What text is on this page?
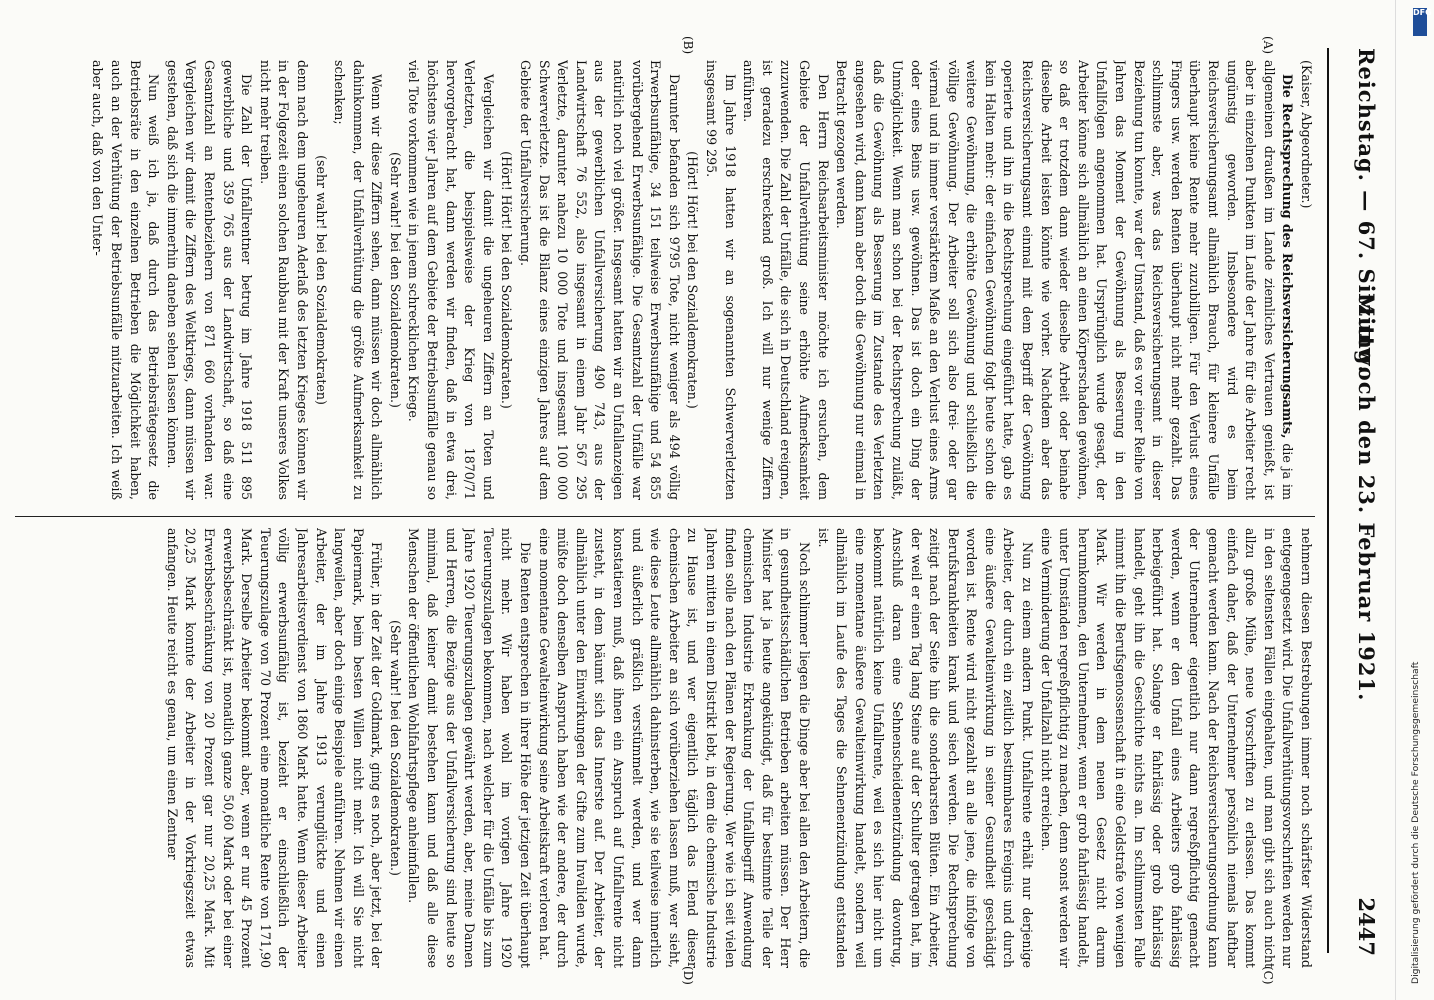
Reichstag. — 67. Sitzung.
Mittwoch den 23. Februar 1921.
2447
(A)
(B)
(C)
(D)

(Kaiser, Abgeordneter.)

Die Rechtsprechung des Reichsversicherungsamts, die ja im allgemeinen draußen im Lande ziemliches Vertrauen genießt, ist aber in einzelnen Punkten im Laufe der Jahre für die Arbeiter recht ungünstig geworden. Insbesondere wird es beim Reichsversicherungsamt allmählich Brauch, für kleinere Unfälle überhaupt keine Rente mehr zuzubilligen. Für den Verlust eines Fingers usw. werden Renten überhaupt nicht mehr gezahlt. Das schlimmste aber, was das Reichsversicherungsamt in dieser Beziehung tun konnte, war der Umstand, daß es vor einer Reihe von Jahren das Moment der Gewöhnung als Besserung in den Unfallfolgen angenommen hat. Ursprünglich wurde gesagt, der Arbeiter könne sich allmählich an einen Körperschaden gewöhnen, so daß er trotzdem dann wieder dieselbe Arbeit oder beinahe dieselbe Arbeit leisten könnte wie vorher. Nachdem aber das Reichsversicherungsamt einmal mit dem Begriff der Gewöhnung operierte und ihn in die Rechtsprechung eingeführt hatte, gab es kein Halten mehr: der einfachen Gewöhnung folgt heute schon die weitere Gewöhnung, die erhöhte Gewöhnung und schließlich die völlige Gewöhnung. Der Arbeiter soll sich also drei- oder gar viermal und in immer verstärktem Maße an den Verlust eines Arms oder eines Beins usw. gewöhnen. Das ist doch ein Ding der Unmöglichkeit. Wenn man schon bei der Rechtsprechung zuläßt, daß die Gewöhnung als Besserung im Zustande des Verletzten angesehen wird, dann kann aber doch die Gewöhnung nur einmal in Betracht gezogen werden.

Den Herrn Reichsarbeitsminister möchte ich ersuchen, dem Gebiete der Unfallverhütung seine erhöhte Aufmerksamkeit zuzuwenden. Die Zahl der Unfälle, die sich in Deutschland ereignen, ist geradezu erschreckend groß. Ich will nur wenige Ziffern anführen.

Im Jahre 1918 hatten wir an sogenannten Schwerverletzten insgesamt 99 295.

(Hört! Hört! bei den Sozialdemokraten.)

Darunter befanden sich 9795 Tote, nicht weniger als 494 völlig Erwerbsunfähige, 34 151 teilweise Erwerbsunfähige und 54 855 vorübergehend Erwerbsunfähige. Die Gesamtzahl der Unfälle war natürlich noch viel größer. Insgesamt hatten wir an Unfallanzeigen aus der gewerblichen Unfallversicherung 490 743, aus der Landwirtschaft 76 552, also insgesamt in einem Jahr 567 295 Verletzte, darunter nahezu 10 000 Tote und insgesamt 100 000 Schwerverletzte. Das ist die Bilanz eines einzigen Jahres auf dem Gebiete der Unfallversicherung.

(Hört! Hört! bei den Sozialdemokraten.)

Vergleichen wir damit die ungeheuren Ziffern an Toten und Verletzten, die beispielsweise der Krieg von 1870/71 hervorgebracht hat, dann werden wir finden, daß in etwa drei, höchstens vier Jahren auf dem Gebiete der Betriebsunfälle genau so viel Tote vorkommen wie in jenem schrecklichen Kriege.

(Sehr wahr! bei den Sozialdemokraten.)

Wenn wir diese Ziffern sehen, dann müssen wir doch allmählich dahinkommen, der Unfallverhütung die größte Aufmerksamkeit zu schenken;

(sehr wahr! bei den Sozialdemokraten)

denn nach dem ungeheuren Aderlaß des letzten Krieges können wir in der Folgezeit einen solchen Raubbau mit der Kraft unseres Volkes nicht mehr treiben.

Die Zahl der Unfallrentner betrug im Jahre 1918 511 895 gewerbliche und 359 765 aus der Landwirtschaft, so daß eine Gesamtzahl an Rentenbeziehern von 871 660 vorhanden war. Vergleichen wir damit die Ziffern des Weltkriegs, dann müssen wir gestehen, daß sich die immerhin daneben sehen lassen können.

Nun weiß ich ja, daß durch das Betriebsrätegesetz die Betriebsräte in den einzelnen Betrieben die Möglichkeit haben, auch an der Verhütung der Betriebsunfälle mitzuarbeiten. Ich weiß aber auch, daß von den Unter-

nehmern diesen Bestrebungen immer noch schärfster Widerstand entgegengesetzt wird. Die Unfallverhütungsvorschriften werden nur in den seltensten Fällen eingehalten, und man gibt sich auch nicht allzu große Mühe, neue Vorschriften zu erlassen. Das kommt einfach daher, daß der Unternehmer persönlich niemals haftbar gemacht werden kann. Nach der Reichsversicherungsordnung kann der Unternehmer eigentlich nur dann regreßpflichtig gemacht werden, wenn er den Unfall eines Arbeiters grob fahrlässig herbeigeführt hat. Solange er fahrlässig oder grob fahrlässig handelt, geht ihn die Geschichte nichts an. Im schlimmsten Falle nimmt ihn die Berufsgenossenschaft in eine Geldstrafe von wenigen Mark. Wir werden in dem neuen Gesetz nicht darum herumkommen, den Unternehmer, wenn er grob fahrlässig handelt, unter Umständen regreßpflichtig zu machen, denn sonst werden wir eine Verminderung der Unfallzahl nicht erreichen.

Nun zu einem andern Punkt. Unfallrente erhält nur derjenige Arbeiter, der durch ein zeitlich bestimmbares Ereignis und durch eine äußere Gewalteinwirkung in seiner Gesundheit geschädigt worden ist. Rente wird nicht gezahlt an alle jene, die infolge von Berufskrankheiten krank und siech werden. Die Rechtsprechung zeitigt nach der Seite hin die sonderbarsten Blüten. Ein Arbeiter, der weil er einen Tag lang Steine auf der Schulter getragen hat, im Anschluß daran eine Sehnenscheidenentzündung davontrug, bekommt natürlich keine Unfallrente, weil es sich hier nicht um eine momentane äußere Gewalteinwirkung handelt, sondern weil allmählich im Laufe des Tages die Sehnenentzündung entstanden ist.

Noch schlimmer liegen die Dinge aber bei allen den Arbeitern, die in gesundheitsschädlichen Betrieben arbeiten müssen. Der Herr Minister hat ja heute angekündigt, daß für bestimmte Teile der chemischen Industrie Erkrankung der Unfallbegriff Anwendung finden solle nach den Plänen der Regierung. Wer wie ich seit vielen Jahren mitten in einem Distrikt lebt, in dem die chemische Industrie zu Hause ist, und wer eigentlich täglich das Elend dieser chemischen Arbeiter an sich vorüberziehen lassen muß, wer sieht, wie diese Leute allmählich dahinsterben, wie sie teilweise innerlich und äußerlich gräßlich verstümmelt werden, und wer dann konstatieren muß, daß ihnen ein Anspruch auf Unfallrente nicht zusteht, in dem bäumt sich das Innerste auf. Der Arbeiter, der allmählich unter den Einwirkungen der Gifte zum Invaliden wurde, müßte doch denselben Anspruch haben wie der andere, der durch eine momentane Gewalteinwirkung seine Arbeitskraft verloren hat.

Die Renten entsprechen in ihrer Höhe der jetzigen Zeit überhaupt nicht mehr. Wir haben wohl im vorigen Jahre 1920 Teuerungszulagen bekommen, nach welcher für die Unfälle bis zum Jahre 1920 Teuerungszulagen gewährt werden, aber, meine Damen und Herren, die Bezüge aus der Unfallversicherung sind heute so minimal, daß keiner damit bestehen kann und daß alle diese Menschen der öffentlichen Wohlfahrtspflege anheimfallen.

(Sehr wahr! bei den Sozialdemokraten.)

Früher, in der Zeit der Goldmark, ging es noch, aber jetzt, bei der Papiermark, beim besten Willen nicht mehr. Ich will Sie nicht langweilen, aber doch einige Beispiele anführen. Nehmen wir einen Arbeiter, der im Jahre 1913 verunglückte und einen Jahresarbeitsverdienst von 1860 Mark hatte. Wenn dieser Arbeiter völlig erwerbsunfähig ist, bezieht er einschließlich der Teuerungszulage von 70 Prozent eine monatliche Rente von 171,90 Mark. Derselbe Arbeiter bekommt aber, wenn er nur 45 Prozent erwerbsbeschränkt ist, monatlich ganze 50,60 Mark oder bei einer Erwerbsbeschränkung von 20 Prozent gar nur 20,25 Mark. Mit 20,25 Mark konnte der Arbeiter in der Vorkriegszeit etwas anfangen. Heute reicht es genau, um einen Zentner

DFG
Digitalisierung gefördert durch die Deutsche Forschungsgemeinschaft
